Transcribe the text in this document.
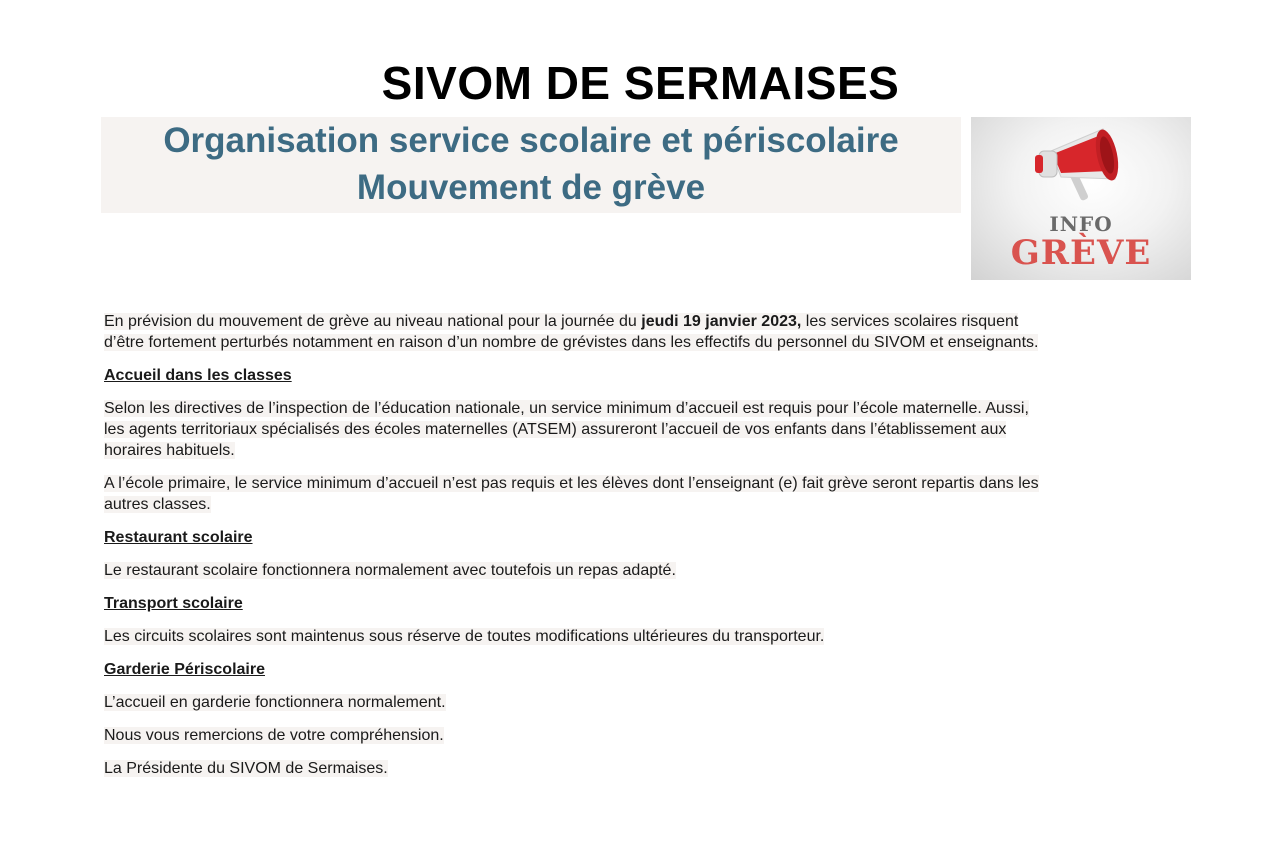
SIVOM DE SERMAISES
Organisation service scolaire et périscolaire
Mouvement de grève
INFO
GRÈVE

En prévision du mouvement de grève au niveau national pour la journée du jeudi 19 janvier 2023, les services scolaires risquent
d’être fortement perturbés notamment en raison d’un nombre de grévistes dans les effectifs du personnel du SIVOM et enseignants.

Accueil dans les classes

Selon les directives de l’inspection de l’éducation nationale, un service minimum d’accueil est requis pour l’école maternelle. Aussi,
les agents territoriaux spécialisés des écoles maternelles (ATSEM) assureront l’accueil de vos enfants dans l’établissement aux
horaires habituels.

A l’école primaire, le service minimum d’accueil n’est pas requis et les élèves dont l’enseignant (e) fait grève seront repartis dans les
autres classes.

Restaurant scolaire

Le restaurant scolaire fonctionnera normalement avec toutefois un repas adapté.

Transport scolaire

Les circuits scolaires sont maintenus sous réserve de toutes modifications ultérieures du transporteur.

Garderie Périscolaire

L’accueil en garderie fonctionnera normalement.

Nous vous remercions de votre compréhension.

La Présidente du SIVOM de Sermaises.
